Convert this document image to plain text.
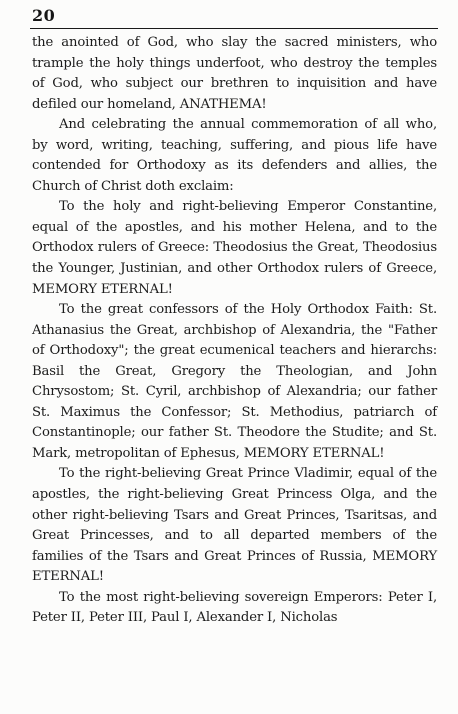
20

the anointed of God, who slay the sacred ministers, who trample the holy things underfoot, who destroy the temples of God, who subject our brethren to inquisition and have defiled our homeland, ANATHEMA!

And celebrating the annual commemoration of all who, by word, writing, teaching, suffering, and pious life have contended for Orthodoxy as its defenders and allies, the Church of Christ doth exclaim:

To the holy and right-believing Emperor Constantine, equal of the apostles, and his mother Helena, and to the Orthodox rulers of Greece: Theodosius the Great, Theodosius the Younger, Justinian, and other Orthodox rulers of Greece, MEMORY ETERNAL!

To the great confessors of the Holy Orthodox Faith: St. Athanasius the Great, archbishop of Alexandria, the "Father of Orthodoxy"; the great ecumenical teachers and hierarchs: Basil the Great, Gregory the Theologian, and John Chrysostom; St. Cyril, archbishop of Alexandria; our father St. Maximus the Confessor; St. Methodius, patriarch of Constantinople; our father St. Theodore the Studite; and St. Mark, metropolitan of Ephesus, MEMORY ETERNAL!

To the right-believing Great Prince Vladimir, equal of the apostles, the right-believing Great Princess Olga, and the other right-believing Tsars and Great Princes, Tsaritsas, and Great Princesses, and to all departed members of the families of the Tsars and Great Princes of Russia, MEMORY ETERNAL!

To the most right-believing sovereign Emperors: Peter I, Peter II, Peter III, Paul I, Alexander I, Nicholas
